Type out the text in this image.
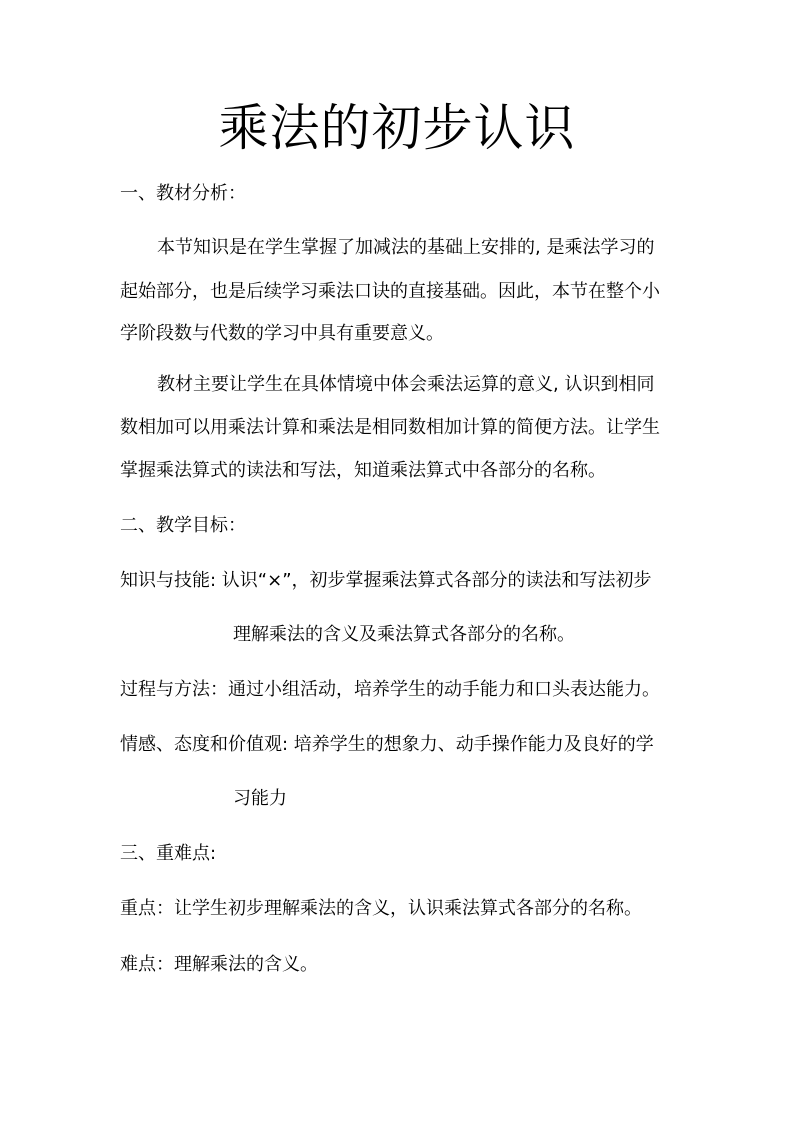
乘法的初步认识

一、教材分析：

本节知识是在学生掌握了加减法的基础上安排的, 是乘法学习的

起始部分，也是后续学习乘法口诀的直接基础。因此，本节在整个小

学阶段数与代数的学习中具有重要意义。

教材主要让学生在具体情境中体会乘法运算的意义, 认识到相同

数相加可以用乘法计算和乘法是相同数相加计算的简便方法。让学生

掌握乘法算式的读法和写法，知道乘法算式中各部分的名称。

二、教学目标：

知识与技能: 认识“×”，初步掌握乘法算式各部分的读法和写法初步

理解乘法的含义及乘法算式各部分的名称。

过程与方法：通过小组活动，培养学生的动手能力和口头表达能力。

情感、态度和价值观: 培养学生的想象力、动手操作能力及良好的学

习能力

三、重难点:

重点：让学生初步理解乘法的含义，认识乘法算式各部分的名称。

难点：理解乘法的含义。
